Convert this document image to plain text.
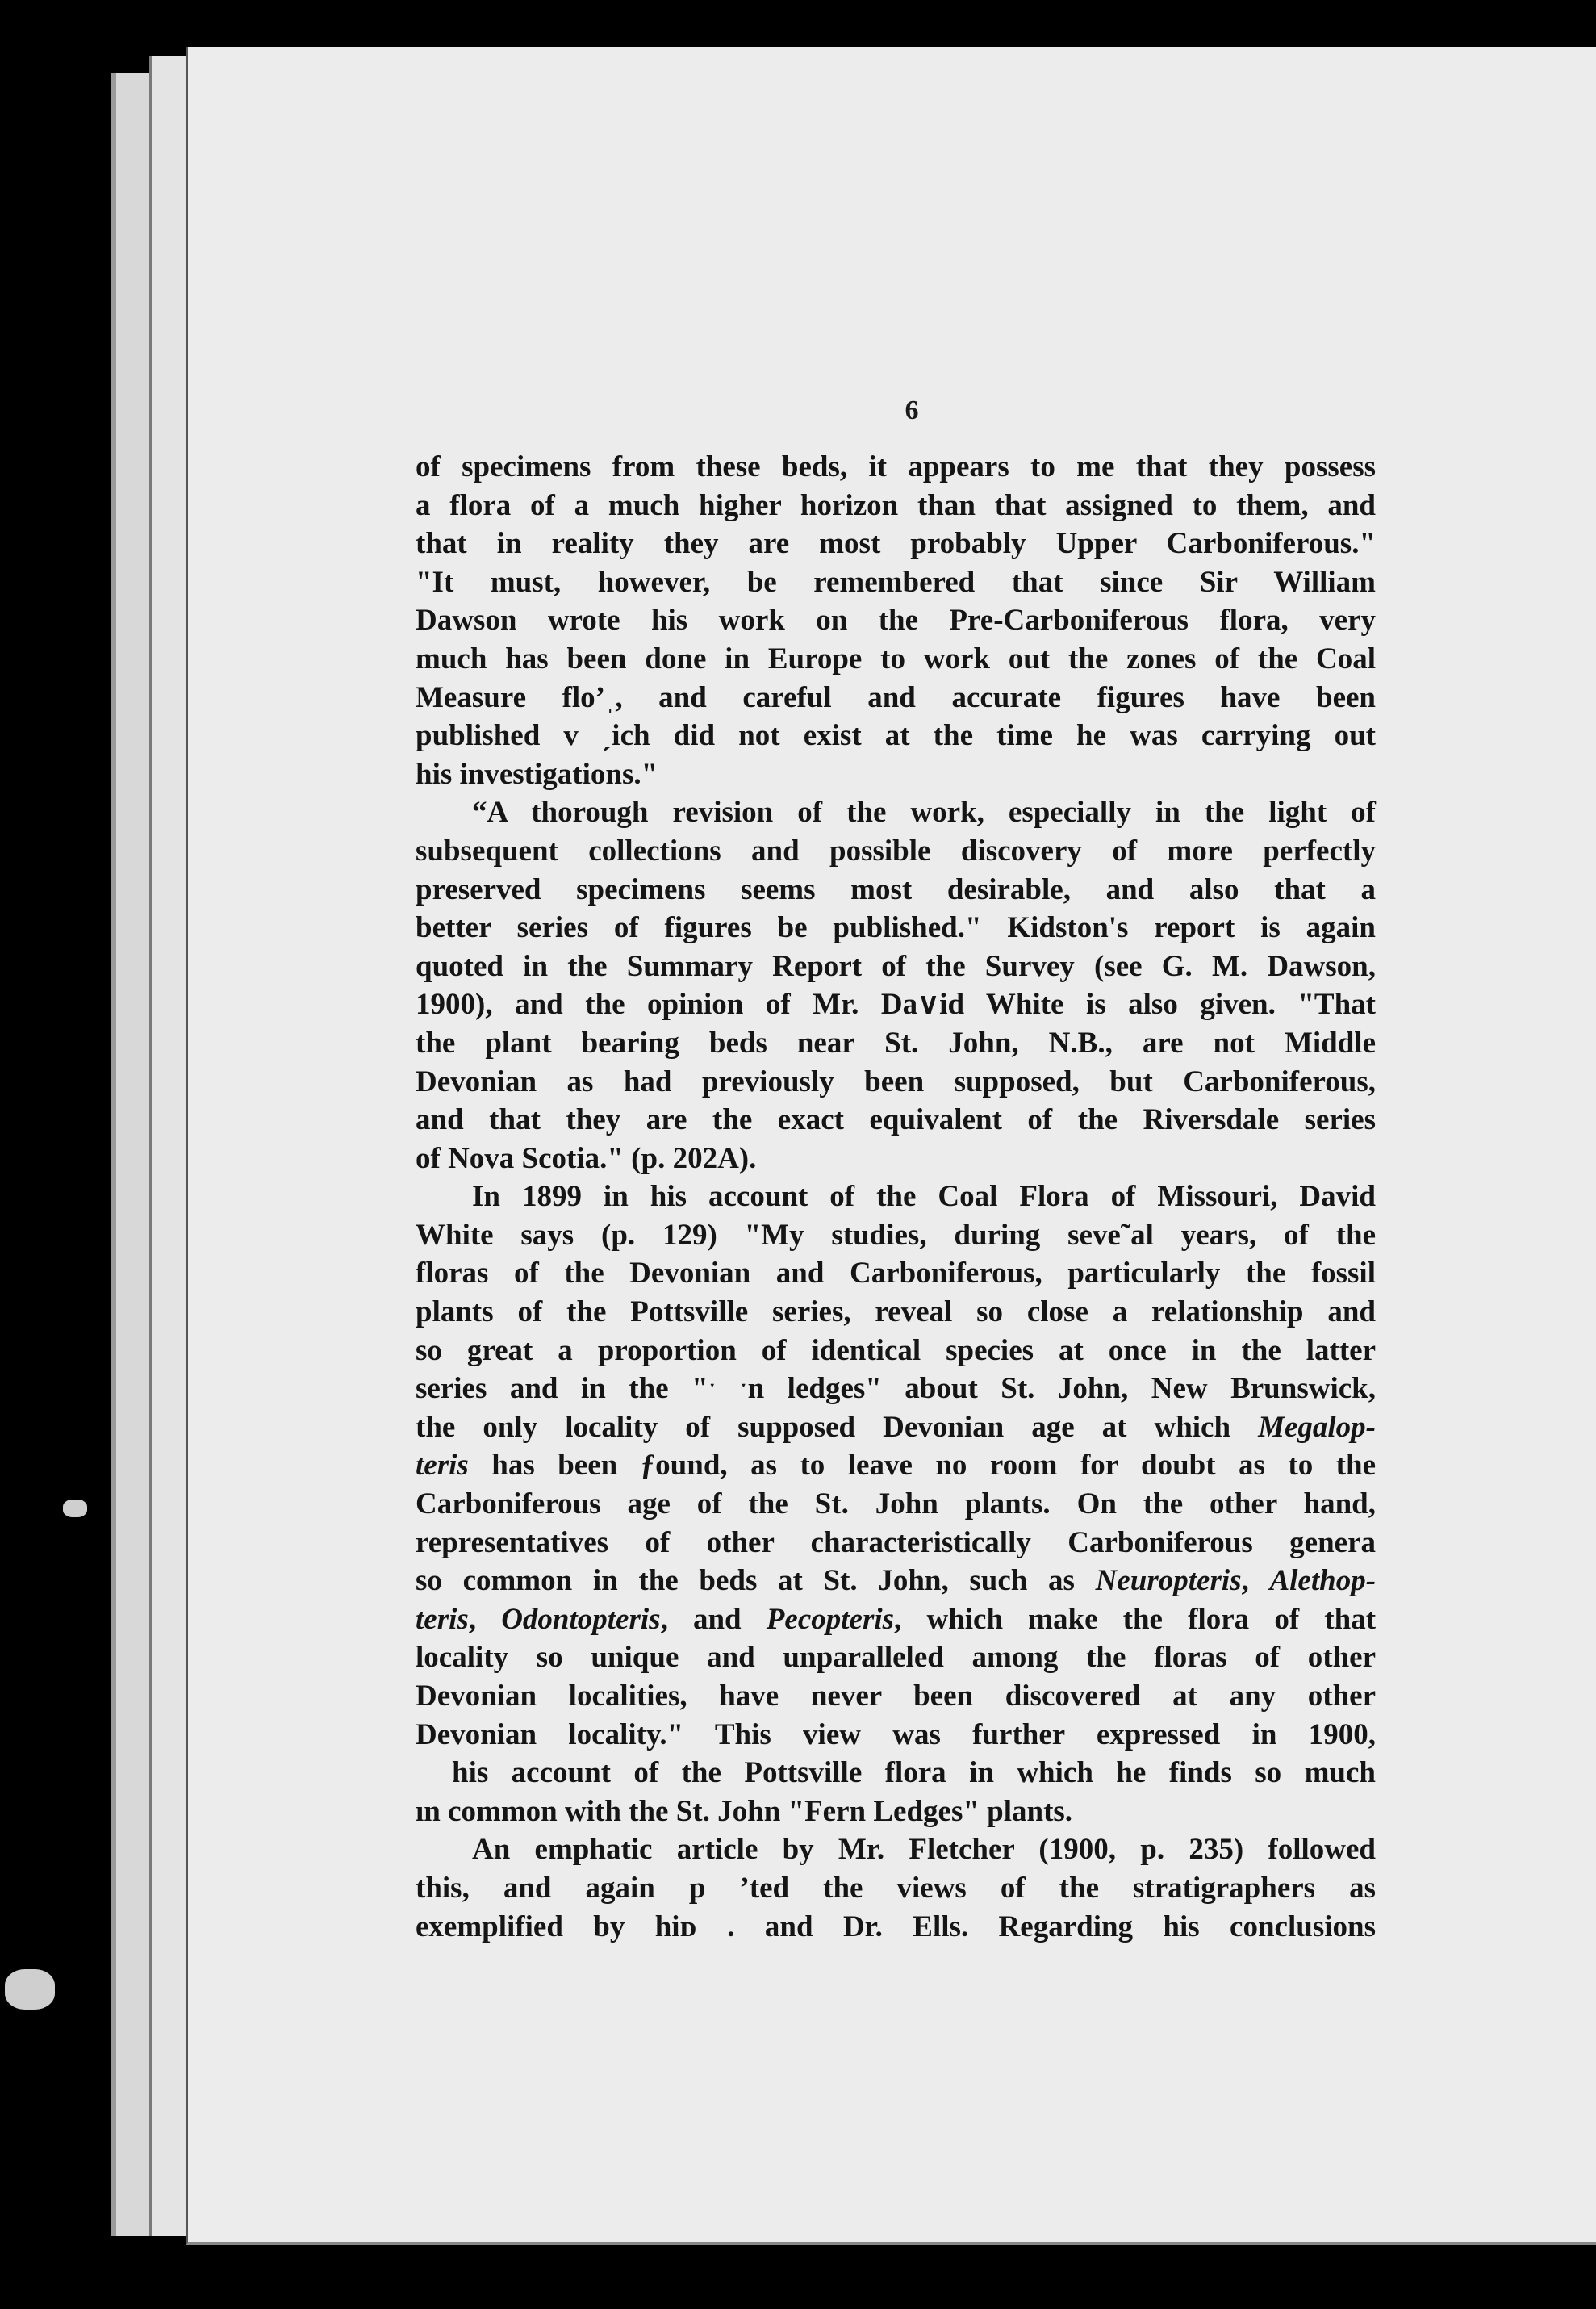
6
of specimens from these beds, it appears to me that they possess
a flora of a much higher horizon than that assigned to them, and
that in reality they are most probably Upper Carboniferous."
"It must, however, be remembered that since Sir William
Dawson wrote his work on the Pre-Carboniferous flora, very
much has been done in Europe to work out the zones of the Coal
Measure floʼˌ, and careful and accurate figures have been
published ᴠ ˏich did not exist at the time he was carrying out
his investigations."
“A thorough revision of the work, especially in the light of
subsequent collections and possible discovery of more perfectly
preserved specimens seems most desirable, and also that a
better series of figures be published." Kidston's report is again
quoted in the Summary Report of the Survey (see G. M. Dawson,
1900), and the opinion of Mr. Da∨id White is also given. "That
the plant bearing beds near St. John, N.B., are not Middle
Devonian as had previously been supposed, but Carboniferous,
and that they are the exact equivalent of the Riversdale series
of Nova Scotia." (p. 202A).
In 1899 in his account of the Coal Flora of Missouri, David
White says (p. 129) "My studies, during seve˜al years, of the
floras of the Devonian and Carboniferous, particularly the fossil
plants of the Pottsville series, reveal so close a relationship and
so great a proportion of identical species at once in the latter
series and in the "ˑ ˑn ledges" about St. John, New Brunswick,
the only locality of supposed Devonian age at which Megalop-
teris has been ƒound, as to leave no room for doubt as to the
Carboniferous age of the St. John plants. On the other hand,
representatives of other characteristically Carboniferous genera
so common in the beds at St. John, such as Neuropteris, Alethop-
teris, Odontopteris, and Pecopteris, which make the flora of that
locality so unique and unparalleled among the floras of other
Devonian localities, have never been discovered at any other
Devonian locality." This view was further expressed in 1900,
his account of the Pottsville flora in which he finds so much
ın common with the St. John "Fern Ledges" plants.
An emphatic article by Mr. Fletcher (1900, p. 235) followed
this, and again p ʼted the views of the stratigraphers as
exemplified by hiᴅ . and Dr. Ells. Regarding his conclusions
